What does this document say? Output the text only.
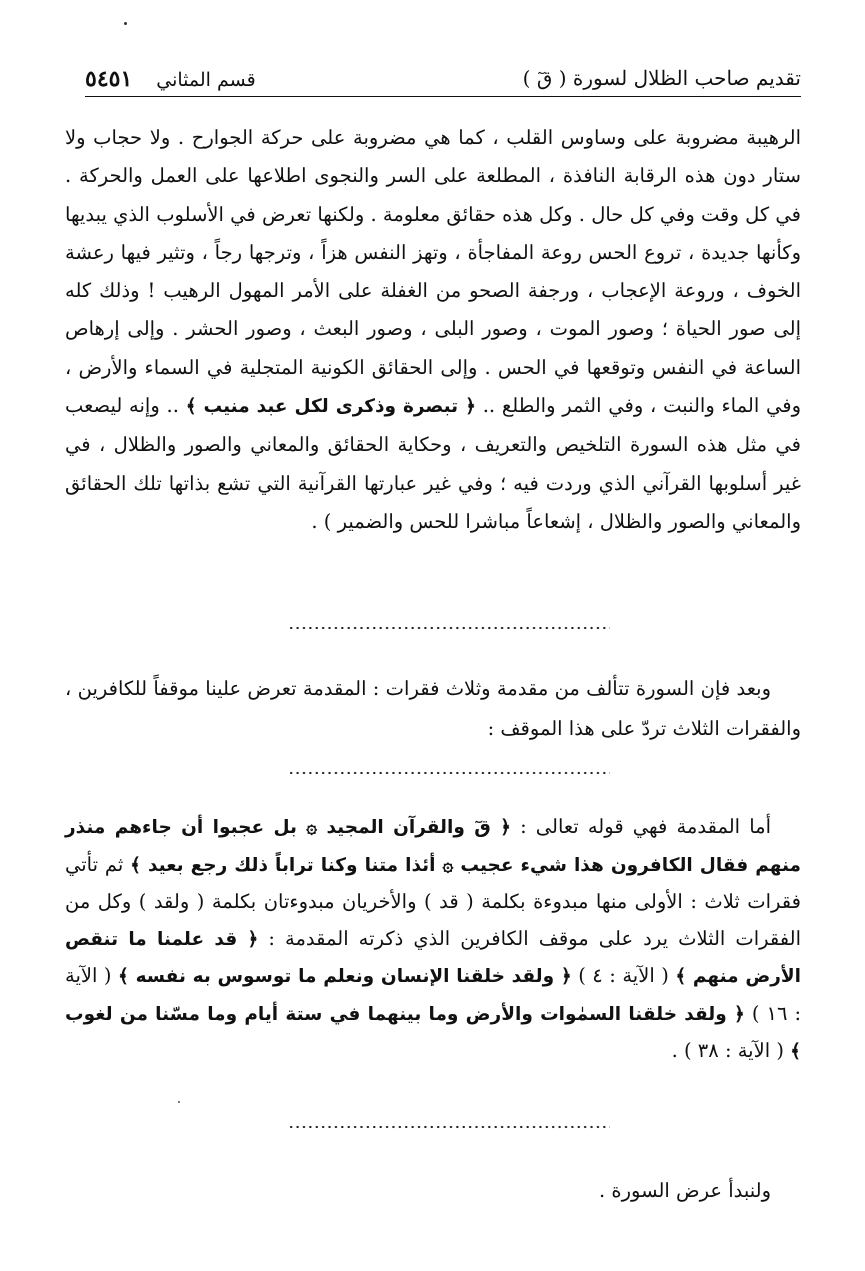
تقديم صاحب الظلال لسورة ( قٓ )
قسم المثاني٥٤٥١

الرهيبة مضروبة على وساوس القلب ، كما هي مضروبة على حركة الجوارح . ولا حجاب ولا ستار دون هذه الرقابة النافذة ، المطلعة على السر والنجوى اطلاعها على العمل والحركة . في كل وقت وفي كل حال . وكل هذه حقائق معلومة . ولكنها تعرض في الأسلوب الذي يبديها وكأنها جديدة ، تروع الحس روعة المفاجأة ، وتهز النفس هزاً ، وترجها رجاً ، وتثير فيها رعشة الخوف ، وروعة الإعجاب ، ورجفة الصحو من الغفلة على الأمر المهول الرهيب ! وذلك كله إلى صور الحياة ؛ وصور الموت ، وصور البلى ، وصور البعث ، وصور الحشر . وإلى إرهاص الساعة في النفس وتوقعها في الحس . وإلى الحقائق الكونية المتجلية في السماء والأرض ، وفي الماء والنبت ، وفي الثمر والطلع .. ﴿ تبصرة وذكرى لكل عبد منيب ﴾ .. وإنه ليصعب في مثل هذه السورة التلخيص والتعريف ، وحكاية الحقائق والمعاني والصور والظلال ، في غير أسلوبها القرآني الذي وردت فيه ؛ وفي غير عبارتها القرآنية التي تشع بذاتها تلك الحقائق والمعاني والصور والظلال ، إشعاعاً مباشرا للحس والضمير ) .

وبعد فإن السورة تتألف من مقدمة وثلاث فقرات : المقدمة تعرض علينا موقفاً للكافرين ، والفقرات الثلاث تردّ على هذا الموقف :

أما المقدمة فهي قوله تعالى : ﴿ قٓ والقرآن المجيد ۞ بل عجبوا أن جاءهم منذر منهم فقال الكافرون هذا شيء عجيب ۞ أئذا متنا وكنا تراباً ذلك رجع بعيد ﴾ ثم تأتي فقرات ثلاث : الأولى منها مبدوءة بكلمة ( قد ) والأخريان مبدوءتان بكلمة ( ولقد ) وكل من الفقرات الثلاث يرد على موقف الكافرين الذي ذكرته المقدمة : ﴿ قد علمنا ما تنقص الأرض منهم ﴾ ( الآية : ٤ ) ﴿ ولقد خلقنا الإنسان ونعلم ما توسوس به نفسه ﴾ ( الآية : ١٦ ) ﴿ ولقد خلقنا السمٰوات والأرض وما بينهما في ستة أيام وما مسّنا من لغوب ﴾ ( الآية : ٣٨ ) .

ولنبدأ عرض السورة .
